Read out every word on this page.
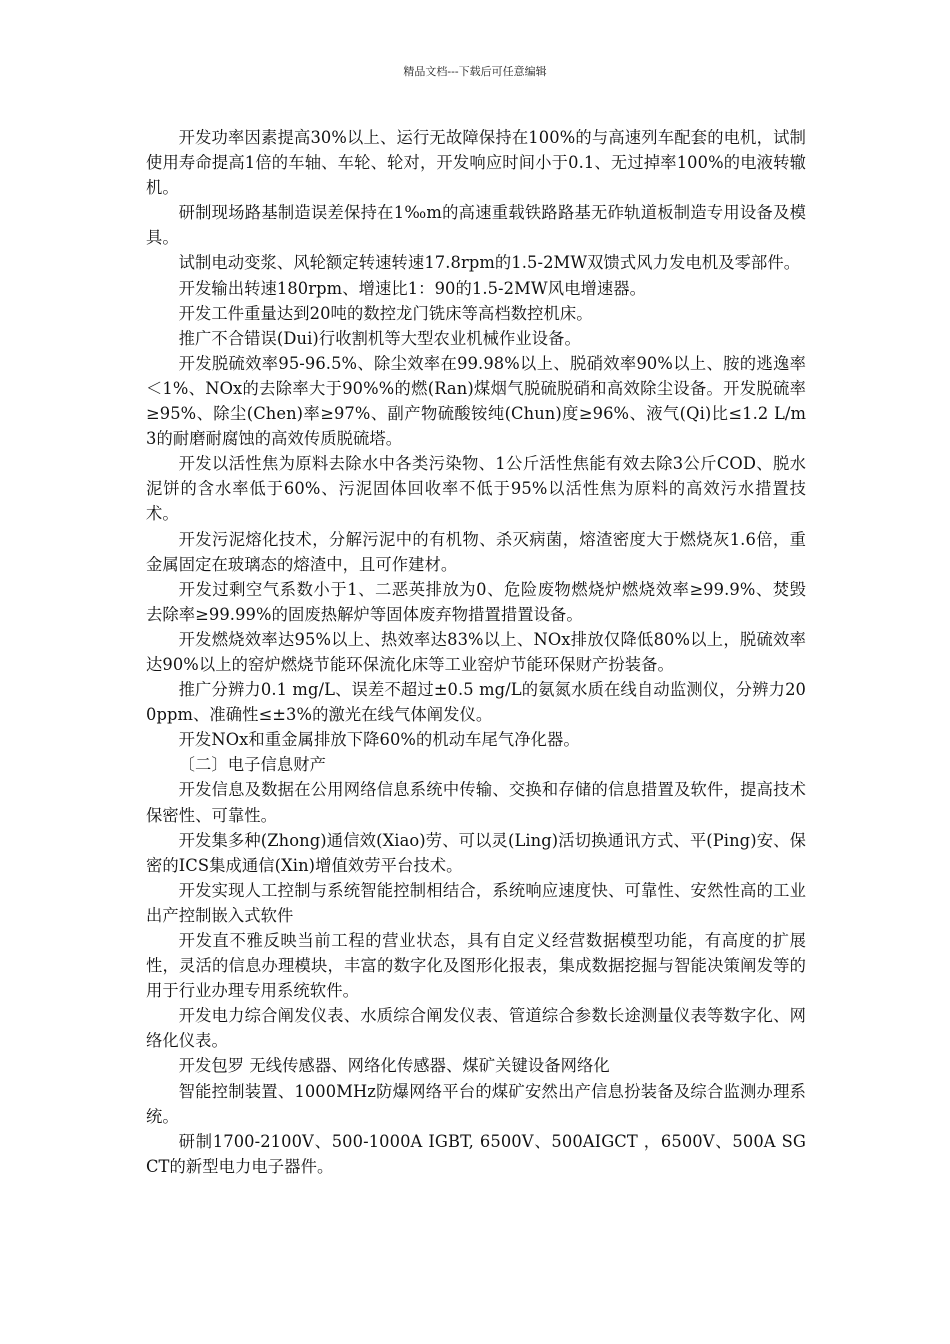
精品文档---下载后可任意编辑

开发功率因素提高30%以上、运行无故障保持在100%的与高速列车配套的电机，试制使用寿命提高1倍的车轴、车轮、轮对，开发响应时间小于0.1、无过掉率100%的电液转辙机。

研制现场路基制造误差保持在1‰m的高速重载铁路路基无砟轨道板制造专用设备及模具。

试制电动变浆、风轮额定转速转速17.8rpm的1.5-2MW双馈式风力发电机及零部件。

开发输出转速180rpm、增速比1：90的1.5-2MW风电增速器。

开发工件重量达到20吨的数控龙门铣床等高档数控机床。

推广不合错误(Dui)行收割机等大型农业机械作业设备。

开发脱硫效率95-96.5%、除尘效率在99.98%以上、脱硝效率90%以上、胺的逃逸率＜1%、NOx的去除率大于90%%的燃(Ran)煤烟气脱硫脱硝和高效除尘设备。开发脱硫率≥95%、除尘(Chen)率≥97%、副产物硫酸铵纯(Chun)度≥96%、液气(Qi)比≤1.2 L/m3的耐磨耐腐蚀的高效传质脱硫塔。

开发以活性焦为原料去除水中各类污染物、1公斤活性焦能有效去除3公斤COD、脱水泥饼的含水率低于60%、污泥固体回收率不低于95%以活性焦为原料的高效污水措置技术。

开发污泥熔化技术，分解污泥中的有机物、杀灭病菌，熔渣密度大于燃烧灰1.6倍，重金属固定在玻璃态的熔渣中，且可作建材。

开发过剩空气系数小于1、二恶英排放为0、危险废物燃烧炉燃烧效率≥99.9%、焚毁去除率≥99.99%的固废热解炉等固体废弃物措置措置设备。

开发燃烧效率达95%以上、热效率达83%以上、NOx排放仅降低80%以上，脱硫效率达90%以上的窑炉燃烧节能环保流化床等工业窑炉节能环保财产扮装备。

推广分辨力0.1 mg/L、误差不超过±0.5 mg/L的氨氮水质在线自动监测仪，分辨力200ppm、准确性≤±3%的激光在线气体阐发仪。

开发NOx和重金属排放下降60%的机动车尾气净化器。

〔二〕电子信息财产

开发信息及数据在公用网络信息系统中传输、交换和存储的信息措置及软件，提高技术保密性、可靠性。

开发集多种(Zhong)通信效(Xiao)劳、可以灵(Ling)活切换通讯方式、平(Ping)安、保密的ICS集成通信(Xin)增值效劳平台技术。

开发实现人工控制与系统智能控制相结合，系统响应速度快、可靠性、安然性高的工业出产控制嵌入式软件

开发直不雅反映当前工程的营业状态，具有自定义经营数据模型功能，有高度的扩展性，灵活的信息办理模块，丰富的数字化及图形化报表，集成数据挖掘与智能决策阐发等的用于行业办理专用系统软件。

开发电力综合阐发仪表、水质综合阐发仪表、管道综合参数长途测量仪表等数字化、网络化仪表。

开发包罗 无线传感器、网络化传感器、煤矿关键设备网络化

智能控制装置、1000MHz防爆网络平台的煤矿安然出产信息扮装备及综合监测办理系统。

研制1700-2100V、500-1000A IGBT, 6500V、500AIGCT ，6500V、500A SGCT的新型电力电子器件。
